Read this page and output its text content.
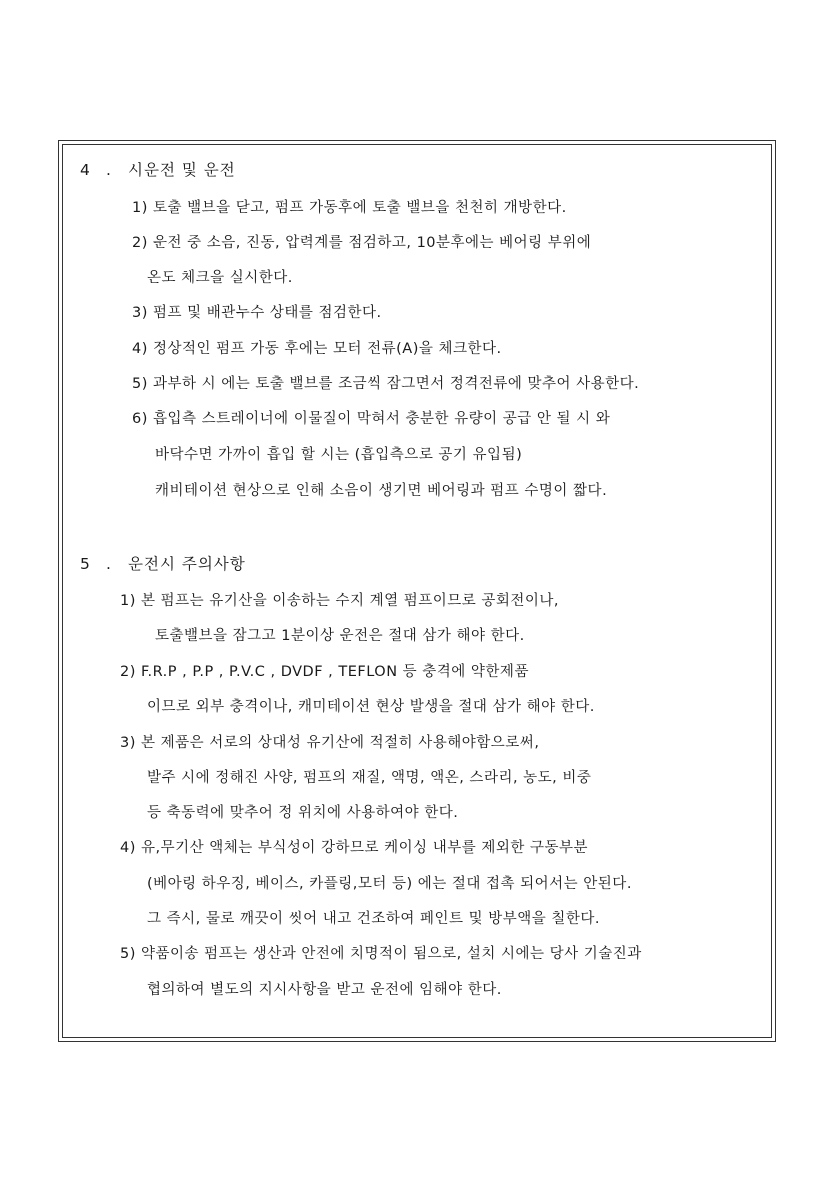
4 . 시운전 및 운전
1) 토출 밸브을 닫고, 펌프 가동후에 토출 밸브을 천천히 개방한다.
2) 운전 중 소음, 진동, 압력계를 점검하고, 10분후에는 베어링 부위에
온도 체크을 실시한다.
3) 펌프 및 배관누수 상태를 점검한다.
4) 정상적인 펌프 가동 후에는 모터 전류(A)을 체크한다.
5) 과부하 시 에는 토출 밸브를 조금씩 잠그면서 정격전류에 맞추어 사용한다.
6) 흡입측 스트레이너에 이물질이 막혀서 충분한 유량이 공급 안 될 시 와
바닥수면 가까이 흡입 할 시는 (흡입측으로 공기 유입됨)
캐비테이션 현상으로 인해 소음이 생기면 베어링과 펌프 수명이 짧다.
5 . 운전시 주의사항
1) 본 펌프는 유기산을 이송하는 수지 계열 펌프이므로 공회전이나,
토출밸브을 잠그고 1분이상 운전은 절대 삼가 해야 한다.
2) F.R.P , P.P , P.V.C , DVDF , TEFLON 등 충격에 약한제품
이므로 외부 충격이나, 캐미테이션 현상 발생을 절대 삼가 해야 한다.
3) 본 제품은 서로의 상대성 유기산에 적절히 사용해야함으로써,
발주 시에 정해진 사양, 펌프의 재질, 액명, 액온, 스라리, 농도, 비중
등 축동력에 맞추어 정 위치에 사용하여야 한다.
4) 유,무기산 액체는 부식성이 강하므로 케이싱 내부를 제외한 구동부분
(베아링 하우징, 베이스, 카플링,모터 등) 에는 절대 접촉 되어서는 안된다.
그 즉시, 물로 깨끗이 씻어 내고 건조하여 페인트 및 방부액을 칠한다.
5) 약품이송 펌프는 생산과 안전에 치명적이 됨으로, 설치 시에는 당사 기술진과
협의하여 별도의 지시사항을 받고 운전에 임해야 한다.
